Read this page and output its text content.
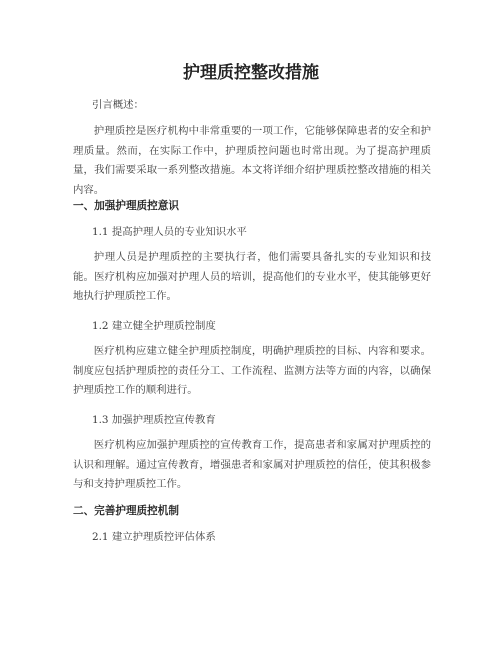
护理质控整改措施
引言概述：

护理质控是医疗机构中非常重要的一项工作，它能够保障患者的安全和护理质量。然而，在实际工作中，护理质控问题也时常出现。为了提高护理质量，我们需要采取一系列整改措施。本文将详细介绍护理质控整改措施的相关内容。

一、加强护理质控意识
1.1 提高护理人员的专业知识水平

护理人员是护理质控的主要执行者，他们需要具备扎实的专业知识和技能。医疗机构应加强对护理人员的培训，提高他们的专业水平，使其能够更好地执行护理质控工作。

1.2 建立健全护理质控制度

医疗机构应建立健全护理质控制度，明确护理质控的目标、内容和要求。制度应包括护理质控的责任分工、工作流程、监测方法等方面的内容，以确保护理质控工作的顺利进行。

1.3 加强护理质控宣传教育

医疗机构应加强护理质控的宣传教育工作，提高患者和家属对护理质控的认识和理解。通过宣传教育，增强患者和家属对护理质控的信任，使其积极参与和支持护理质控工作。

二、完善护理质控机制
2.1 建立护理质控评估体系
